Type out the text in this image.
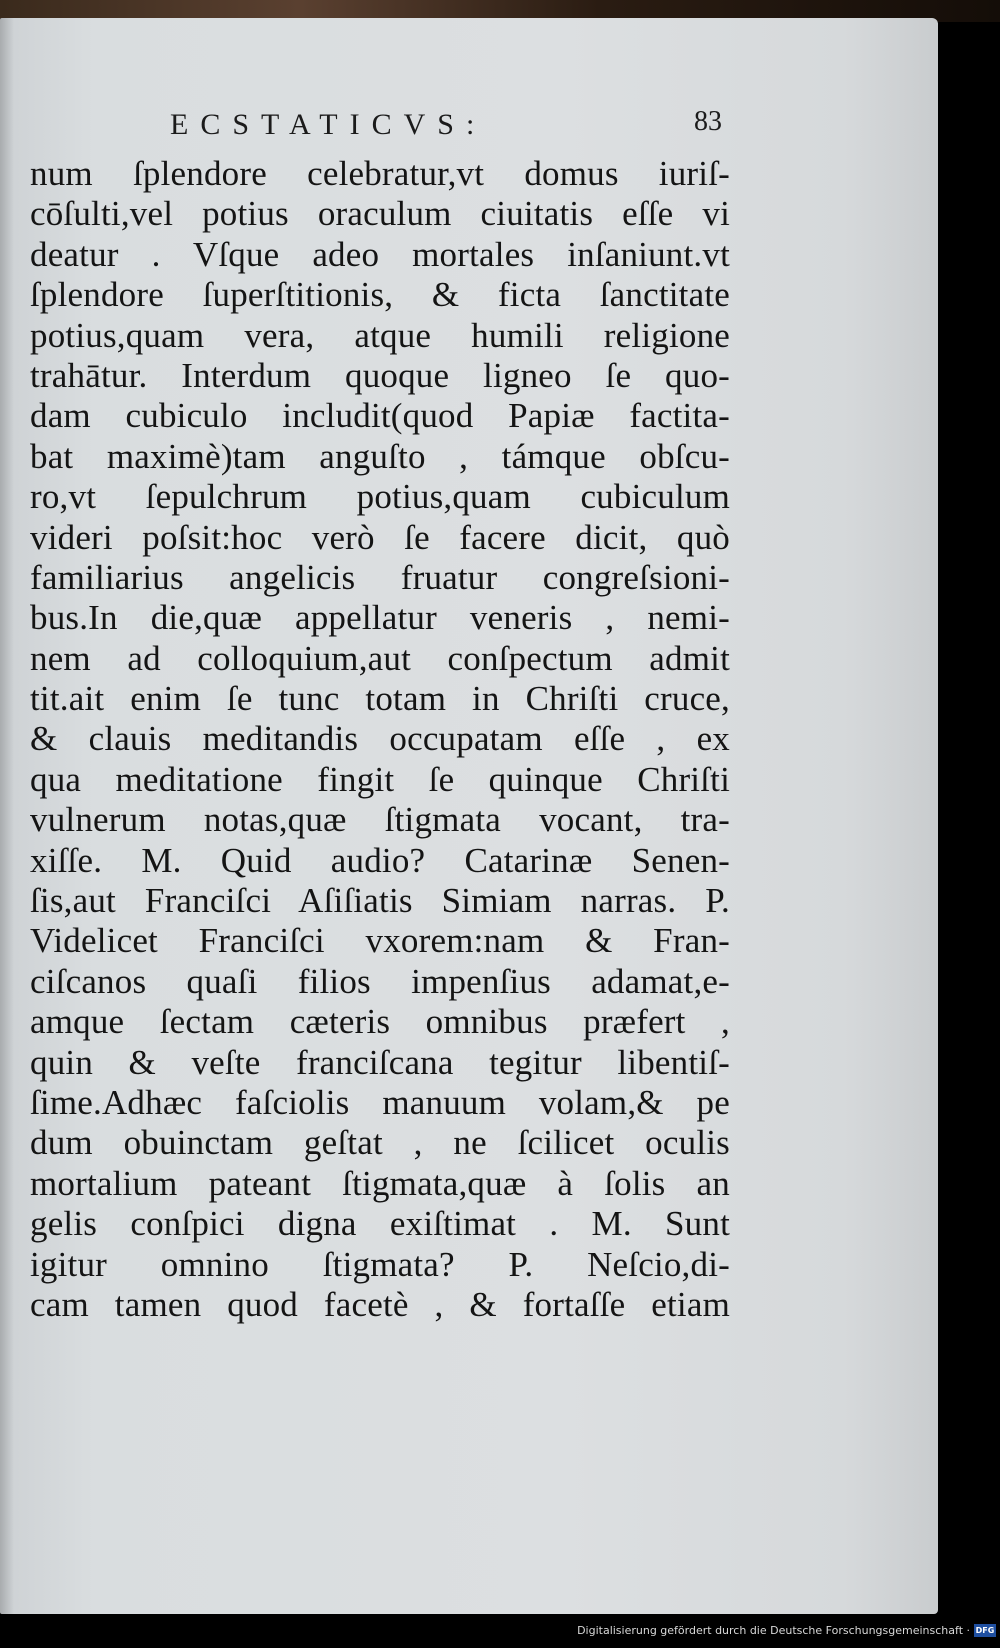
ECSTATICVS:	83
num ſplendore celebratur,vt domus iuriſ-
cōſulti,vel potius oraculum ciuitatis eſſe vi
deatur . Vſque adeo mortales inſaniunt.vt
ſplendore ſuperſtitionis, & ficta ſanctitate
potius,quam vera, atque humili religione
trahātur. Interdum quoque ligneo ſe quo-
dam cubiculo includit(quod Papiæ factita-
bat maximè)tam anguſto , támque obſcu-
ro,vt ſepulchrum potius,quam cubiculum
videri poſsit:hoc verò ſe facere dicit, quò
familiarius angelicis fruatur congreſsioni-
bus.In die,quæ appellatur veneris , nemi-
nem ad colloquium,aut conſpectum admit
tit.ait enim ſe tunc totam in Chriſti cruce,
& clauis meditandis occupatam eſſe , ex
qua meditatione fingit ſe quinque Chriſti
vulnerum notas,quæ ſtigmata vocant, tra-
xiſſe. M. Quid audio? Catarinæ Senen-
ſis,aut Franciſci Aſiſiatis Simiam narras. P.
Videlicet Franciſci vxorem:nam & Fran-
ciſcanos quaſi filios impenſius adamat,e-
amque ſectam cæteris omnibus præfert ,
quin & veſte franciſcana tegitur libentiſ-
ſime.Adhæc faſciolis manuum volam,& pe
dum obuinctam geſtat , ne ſcilicet oculis
mortalium pateant ſtigmata,quæ à ſolis an
gelis conſpici digna exiſtimat . M. Sunt
igitur omnino ſtigmata? P. Neſcio,di-
cam tamen quod facetè , & fortaſſe etiam
Digitalisierung gefördert durch die Deutsche Forschungsgemeinschaft · DFG
